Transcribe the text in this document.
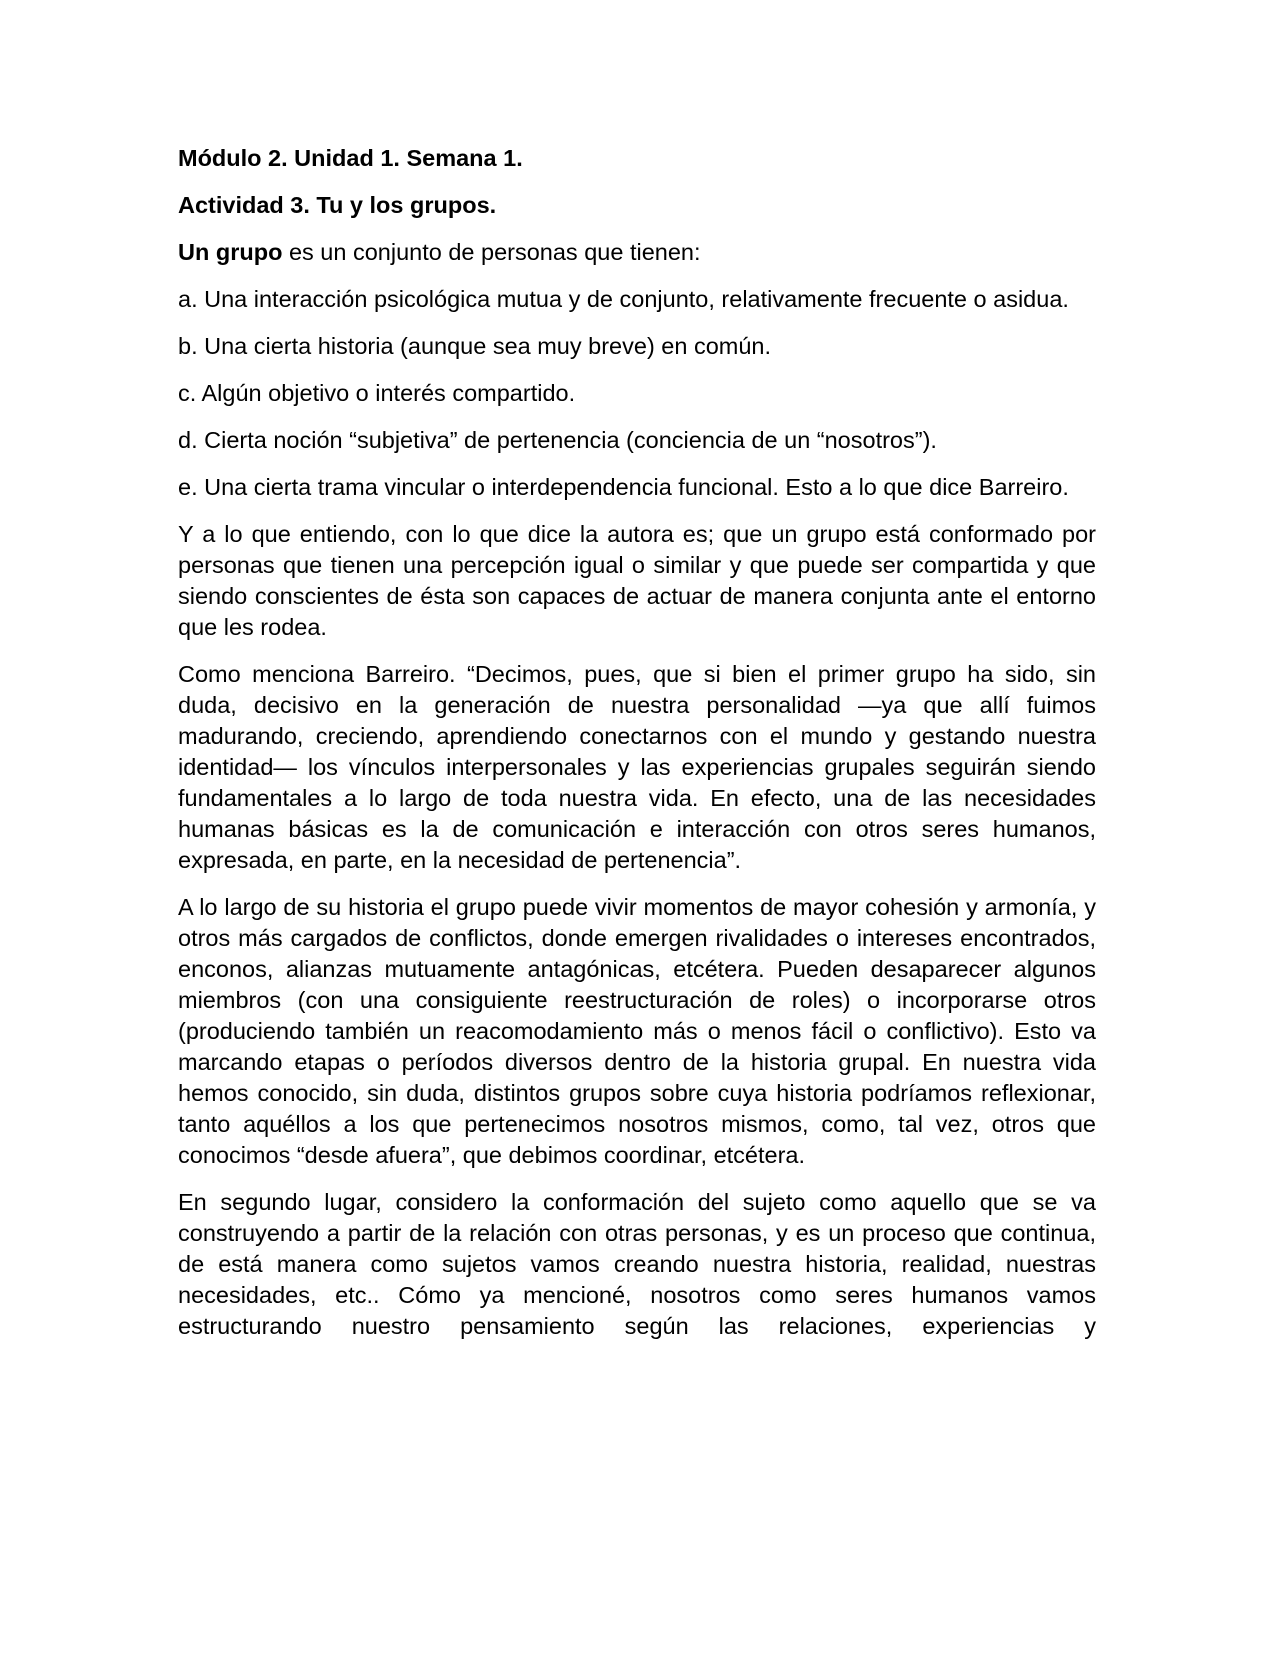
Módulo 2. Unidad 1. Semana 1.

Actividad 3. Tu y los grupos.

Un grupo es un conjunto de personas que tienen:

a. Una interacción psicológica mutua y de conjunto, relativamente frecuente o asidua.

b. Una cierta historia (aunque sea muy breve) en común.

c. Algún objetivo o interés compartido.

d. Cierta noción “subjetiva” de pertenencia (conciencia de un “nosotros”).

e. Una cierta trama vincular o interdependencia funcional. Esto a lo que dice Barreiro.

Y a lo que entiendo, con lo que dice la autora es; que un grupo está conformado por personas que tienen una percepción igual o similar y que puede ser compartida y que siendo conscientes de ésta son capaces de actuar de manera conjunta ante el entorno que les rodea.

Como menciona Barreiro. “Decimos, pues, que si bien el primer grupo ha sido, sin duda, decisivo en la generación de nuestra personalidad —ya que allí fuimos madurando, creciendo, aprendiendo conectarnos con el mundo y gestando nuestra identidad— los vínculos interpersonales y las experiencias grupales seguirán siendo fundamentales a lo largo de toda nuestra vida. En efecto, una de las necesidades humanas básicas es la de comunicación e interacción con otros seres humanos, expresada, en parte, en la necesidad de pertenencia”.

A lo largo de su historia el grupo puede vivir momentos de mayor cohesión y armonía, y otros más cargados de conflictos, donde emergen rivalidades o intereses encontrados, enconos, alianzas mutuamente antagónicas, etcétera. Pueden desaparecer algunos miembros (con una consiguiente reestructuración de roles) o incorporarse otros (produciendo también un reacomodamiento más o menos fácil o conflictivo). Esto va marcando etapas o períodos diversos dentro de la historia grupal. En nuestra vida hemos conocido, sin duda, distintos grupos sobre cuya historia podríamos reflexionar, tanto aquéllos a los que pertenecimos nosotros mismos, como, tal vez, otros que conocimos “desde afuera”, que debimos coordinar, etcétera.

En segundo lugar, considero la conformación del sujeto como aquello que se va construyendo a partir de la relación con otras personas, y es un proceso que continua, de está manera como sujetos vamos creando nuestra historia, realidad, nuestras necesidades, etc.. Cómo ya mencioné, nosotros como seres humanos vamos estructurando nuestro pensamiento según las relaciones, experiencias y
